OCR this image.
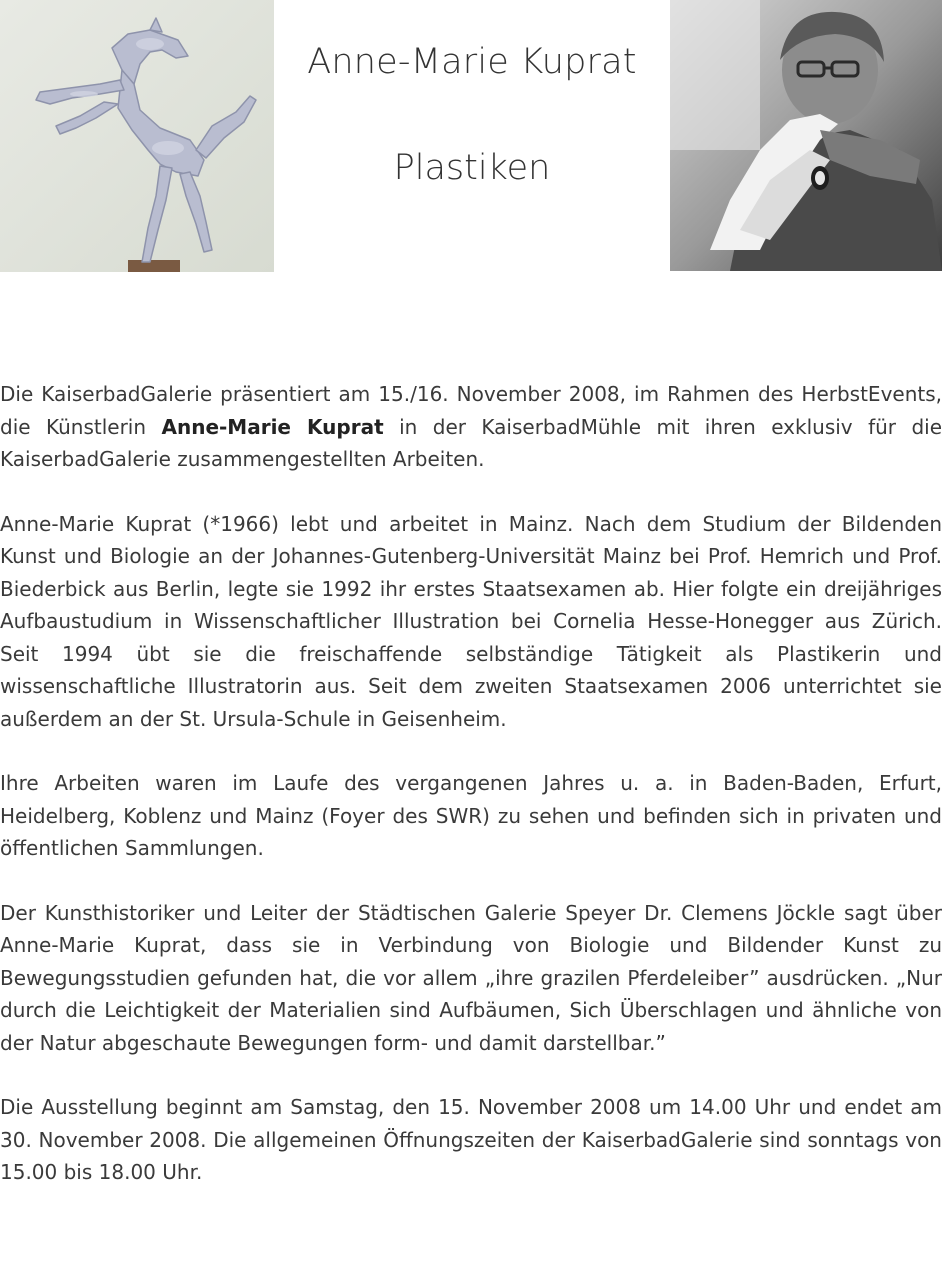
Anne-Marie Kuprat
Plastiken

Die KaiserbadGalerie präsentiert am 15./16. November 2008, im Rahmen des HerbstEvents, die Künstlerin Anne-Marie Kuprat in der KaiserbadMühle mit ihren exklusiv für die KaiserbadGalerie zusammengestellten Arbeiten.

Anne-Marie Kuprat (*1966) lebt und arbeitet in Mainz. Nach dem Studium der Bildenden Kunst und Biologie an der Johannes-Gutenberg-Universität Mainz bei Prof. Hemrich und Prof. Biederbick aus Berlin, legte sie 1992 ihr erstes Staatsexamen ab. Hier folgte ein dreijähriges Aufbaustudium in Wissenschaftlicher Illustration bei Cornelia Hesse-Honegger aus Zürich. Seit 1994 übt sie die freischaffende selbständige Tätigkeit als Plastikerin und wissenschaftliche Illustratorin aus. Seit dem zweiten Staatsexamen 2006 unterrichtet sie außerdem an der St. Ursula-Schule in Geisenheim.

Ihre Arbeiten waren im Laufe des vergangenen Jahres u. a. in Baden-Baden, Erfurt, Heidelberg, Koblenz und Mainz (Foyer des SWR) zu sehen und befinden sich in privaten und öffentlichen Sammlungen.

Der Kunsthistoriker und Leiter der Städtischen Galerie Speyer Dr. Clemens Jöckle sagt über Anne-Marie Kuprat, dass sie in Verbindung von Biologie und Bildender Kunst zu Bewegungsstudien gefunden hat, die vor allem „ihre grazilen Pferdeleiber” ausdrücken. „Nur durch die Leichtigkeit der Materialien sind Aufbäumen, Sich Überschlagen und ähnliche von der Natur abgeschaute Bewegungen form- und damit darstellbar.”

Die Ausstellung beginnt am Samstag, den 15. November 2008 um 14.00 Uhr und endet am 30. November 2008. Die allgemeinen Öffnungszeiten der KaiserbadGalerie sind sonntags von 15.00 bis 18.00 Uhr.
